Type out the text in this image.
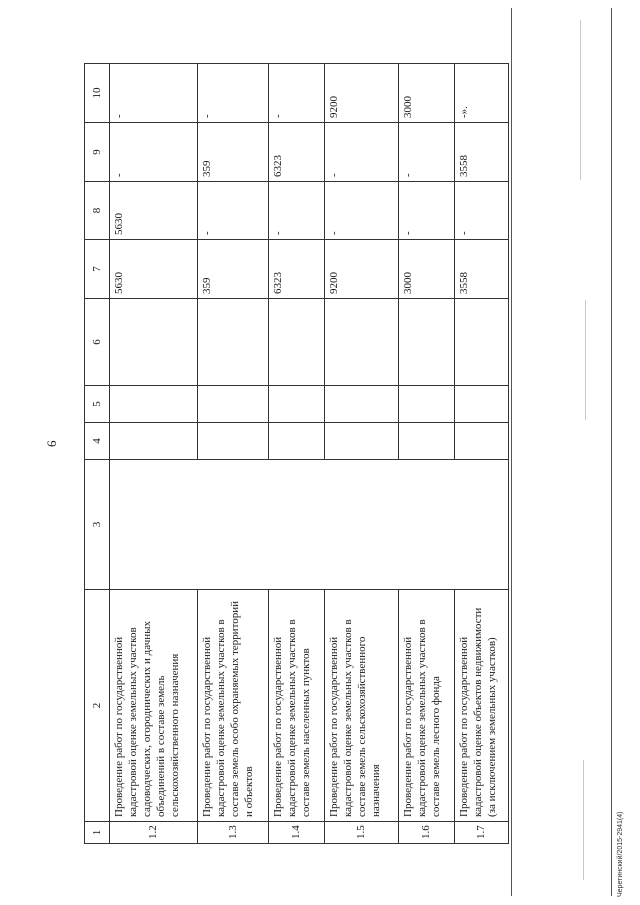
6
1	2	3	4	5	6	7	8	9	10
1.2	Проведение работ по государственной кадастровой оценке земельных участков садоводческих, огороднических и дачных объединений в составе земель сельскохозяйственного назначения					5630	5630	-	-
1.3	Проведение работ по государственной кадастровой оценке земельных участков в составе земель особо охраняемых территорий и объектов					359	-	359	-
1.4	Проведение работ по государственной кадастровой оценке земельных участков в составе земель населенных пунктов					6323	-	6323	-
1.5	Проведение работ по государственной кадастровой оценке земельных участков в составе земель сельскохозяйственного назначения					9200	-	-	9200
1.6	Проведение работ по государственной кадастровой оценке земельных участков в составе земель лесного фонда					3000	-	-	3000
1.7	Проведение работ по государственной кадастровой оценке объектов недвижимости (за исключением земельных участков)					3558	-	3558	-».
Черетинский/2015-2941(4)
